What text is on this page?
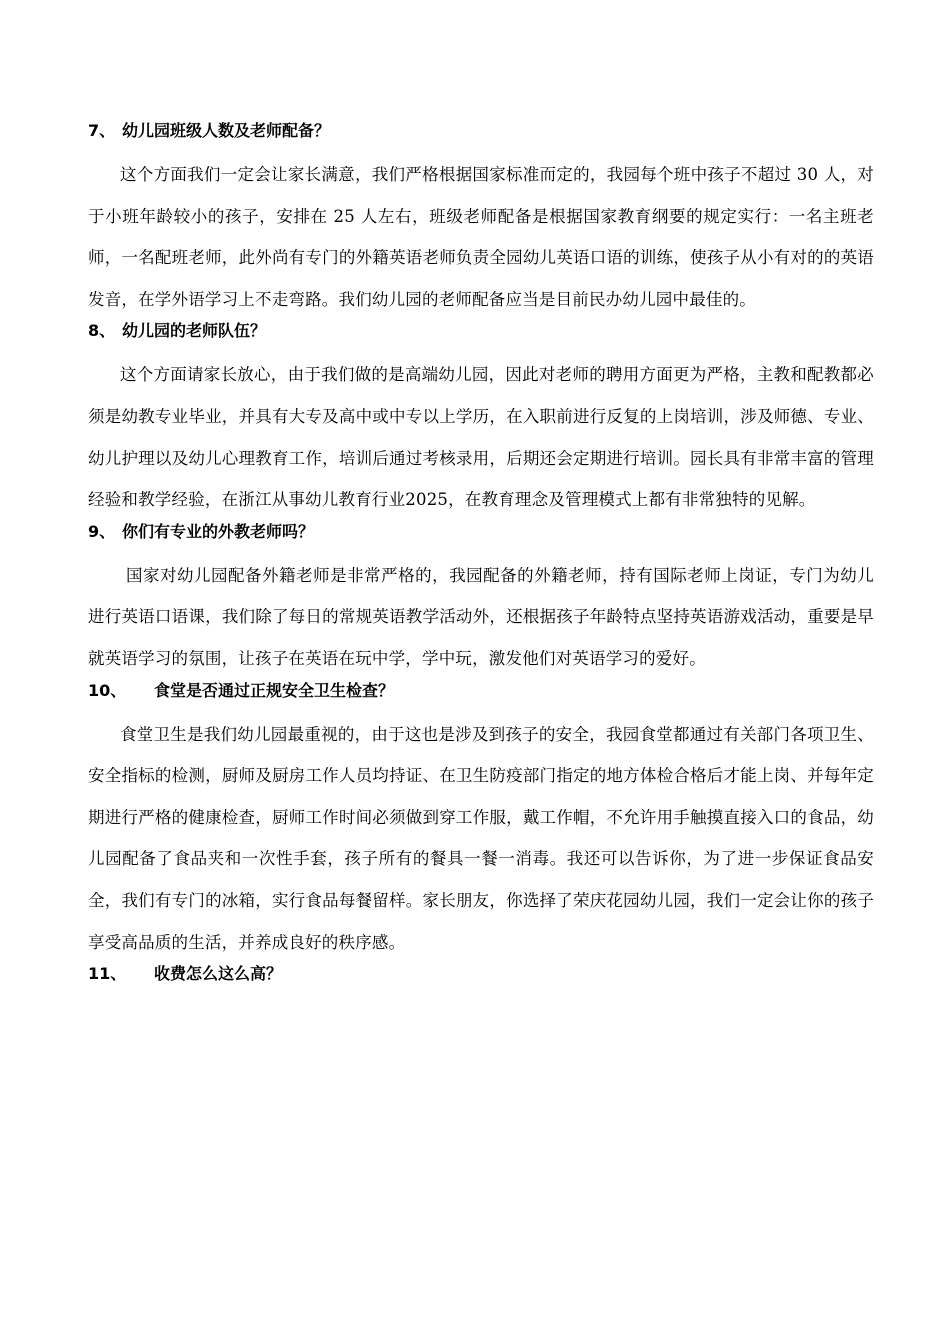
7、 幼儿园班级人数及老师配备？

这个方面我们一定会让家长满意，我们严格根据国家标准而定的，我园每个班中孩子不超过 30 人，对于小班年龄较小的孩子，安排在 25 人左右，班级老师配备是根据国家教育纲要的规定实行：一名主班老师，一名配班老师，此外尚有专门的外籍英语老师负责全园幼儿英语口语的训练，使孩子从小有对的的英语发音，在学外语学习上不走弯路。我们幼儿园的老师配备应当是目前民办幼儿园中最佳的。

8、 幼儿园的老师队伍？

这个方面请家长放心，由于我们做的是高端幼儿园，因此对老师的聘用方面更为严格，主教和配教都必须是幼教专业毕业，并具有大专及高中或中专以上学历，在入职前进行反复的上岗培训，涉及师德、专业、幼儿护理以及幼儿心理教育工作，培训后通过考核录用，后期还会定期进行培训。园长具有非常丰富的管理经验和教学经验，在浙江从事幼儿教育行业2025，在教育理念及管理模式上都有非常独特的见解。

9、 你们有专业的外教老师吗？

国家对幼儿园配备外籍老师是非常严格的，我园配备的外籍老师，持有国际老师上岗证，专门为幼儿进行英语口语课，我们除了每日的常规英语教学活动外，还根据孩子年龄特点坚持英语游戏活动，重要是早就英语学习的氛围，让孩子在英语在玩中学，学中玩，激发他们对英语学习的爱好。

10、 食堂是否通过正规安全卫生检查？

食堂卫生是我们幼儿园最重视的，由于这也是涉及到孩子的安全，我园食堂都通过有关部门各项卫生、安全指标的检测，厨师及厨房工作人员均持证、在卫生防疫部门指定的地方体检合格后才能上岗、并每年定期进行严格的健康检查，厨师工作时间必须做到穿工作服，戴工作帽，不允许用手触摸直接入口的食品，幼儿园配备了食品夹和一次性手套，孩子所有的餐具一餐一消毒。我还可以告诉你，为了进一步保证食品安全，我们有专门的冰箱，实行食品每餐留样。家长朋友，你选择了荣庆花园幼儿园，我们一定会让你的孩子享受高品质的生活，并养成良好的秩序感。

11、 收费怎么这么高？
